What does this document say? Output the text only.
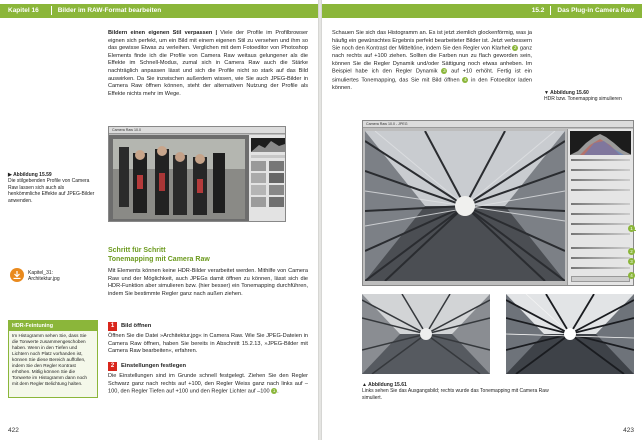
Kapitel 16	Bilder im RAW-Format bearbeiten
Bildern einen eigenen Stil verpassen | Viele der Profile im Profilbrowser eignen sich perfekt, um ein Bild mit einem eigenen Stil zu versehen und ihm so das gewisse Etwas zu verleihen. Verglichen mit dem Fotoeditor von Photoshop Elements finde ich die Profile von Camera Raw weitaus gelungener als die Effekte im Schnell-Modus, zumal sich in Camera Raw auch die Stärke nachträglich anpassen lässt und sich die Profile nicht so stark auf das Bild auswirken. Da Sie inzwischen außerdem wissen, wie Sie auch JPEG-Bilder in Camera Raw öffnen können, steht der alternativen Nutzung der Profile als Effekte nichts mehr im Wege.
Camera Raw 10.0
▶ Abbildung 15.59
Die stilgebenden Profile von Camera Raw lassen sich auch als henkömmliche Effekte auf JPEG-Bilder anwenden.
Kapitel_31:
Architektur.jpg
Schritt für Schritt
Tonemapping mit Camera Raw
Mit Elements können keine HDR-Bilder verarbeitet werden. Mithilfe von Camera Raw und der Möglichkeit, auch JPEGs damit öffnen zu können, lässt sich die HDR-Funktion aber simulieren bzw. (hier besser) ein Tonemapping durchführen, indem Sie bestimmte Regler ganz nach außen ziehen.
1 Bild öffnen
Öffnen Sie die Datei »Architektur.jpg« in Camera Raw. Wie Sie JPEG-Dateien in Camera Raw öffnen, haben Sie bereits in Abschnitt 15.2.13, »JPEG-Bilder mit Camera Raw bearbeiten«, erfahren.
2 Einstellungen festlegen
Die Einstellungen sind im Grunde schnell festgelegt. Ziehen Sie den Regler Schwarz ganz nach rechts auf +100, den Regler Weiss ganz nach links auf –100, den Regler Tiefen auf +100 und den Regler Lichter auf –100 1 .
HDR-Feintuning
Im Histogramm sehen Sie, dass Sie die Tonwerte zusammengeschoben haben. Wenn in den Tiefen und Lichtern noch Platz vorhanden ist, können Sie diese Bereich auffüllen, indem Sie den Regler Kontrast erhöhen. Mitlig können Sie die Tonwerte im Histogramm dann noch mit dem Regler Belichtung halten.
422
15.2 Das Plug-in Camera Raw
Schauen Sie sich das Histogramm an. Es ist jetzt ziemlich glockenförmig, was ja häufig ein gewünschtes Ergebnis perfekt bearbeiteter Bilder ist. Jetzt verbessern Sie noch den Kontrast der Mitteltöne, indem Sie den Regler von Klarheit 2 ganz nach rechts auf +100 ziehen. Sollten die Farben nun zu flach geworden sein, können Sie die Regler Dynamik und/oder Sättigung noch etwas anheben. Im Beispiel habe ich den Regler Dynamik 3 auf +10 erhöht. Fertig ist ein simuliertes Tonemapping, das Sie mit Bild öffnen 4 in den Fotoeditor laden können.
▼ Abbildung 15.60
HDR bzw. Tonemapping simulieren
Camera Raw 10.0 - JPEG
1
2
3
4
▲ Abbildung 15.61
Links sehen Sie das Ausgangsbild; rechts wurde das Tonemapping mit Camera Raw simuliert.
423
